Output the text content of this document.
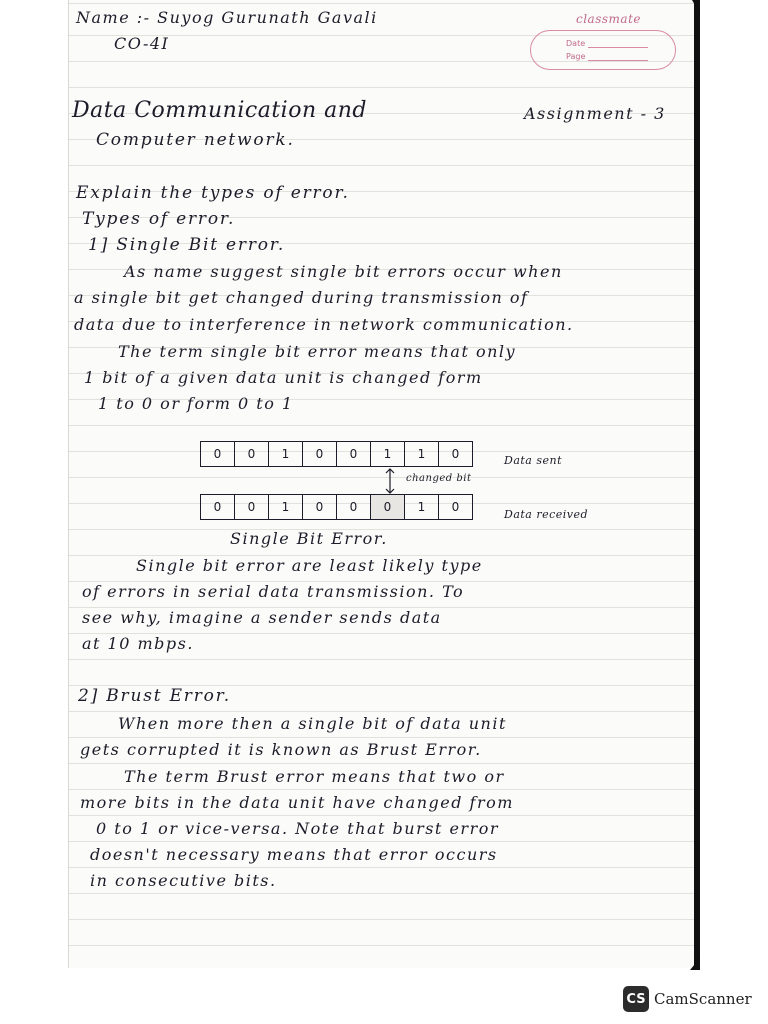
Name :- Suyog Gurunath Gavali
CO-4I
Data Communication and
Computer network.
Assignment - 3
Explain the types of error.
Types of error.
1] Single Bit error.
As name suggest single bit errors occur when
a single bit get changed during transmission of
data due to interference in network communication.
The term single bit error means that only
1 bit of a given data unit is changed form
1 to 0 or form 0 to 1
0	0	1	0	0	1	1	0	Data sent
changed bit
0	0	1	0	0	0	1	0
Data received
Single Bit Error.
Single bit error are least likely type
of errors in serial data transmission. To
see why, imagine a sender sends data
at 10 mbps.
2] Brust Error.
When more then a single bit of data unit
gets corrupted it is known as Brust Error.
The term Brust error means that two or
more bits in the data unit have changed from
0 to 1 or vice-versa. Note that burst error
doesn't necessary means that error occurs
in consecutive bits.
classmate
Date
Page
CS CamScanner
